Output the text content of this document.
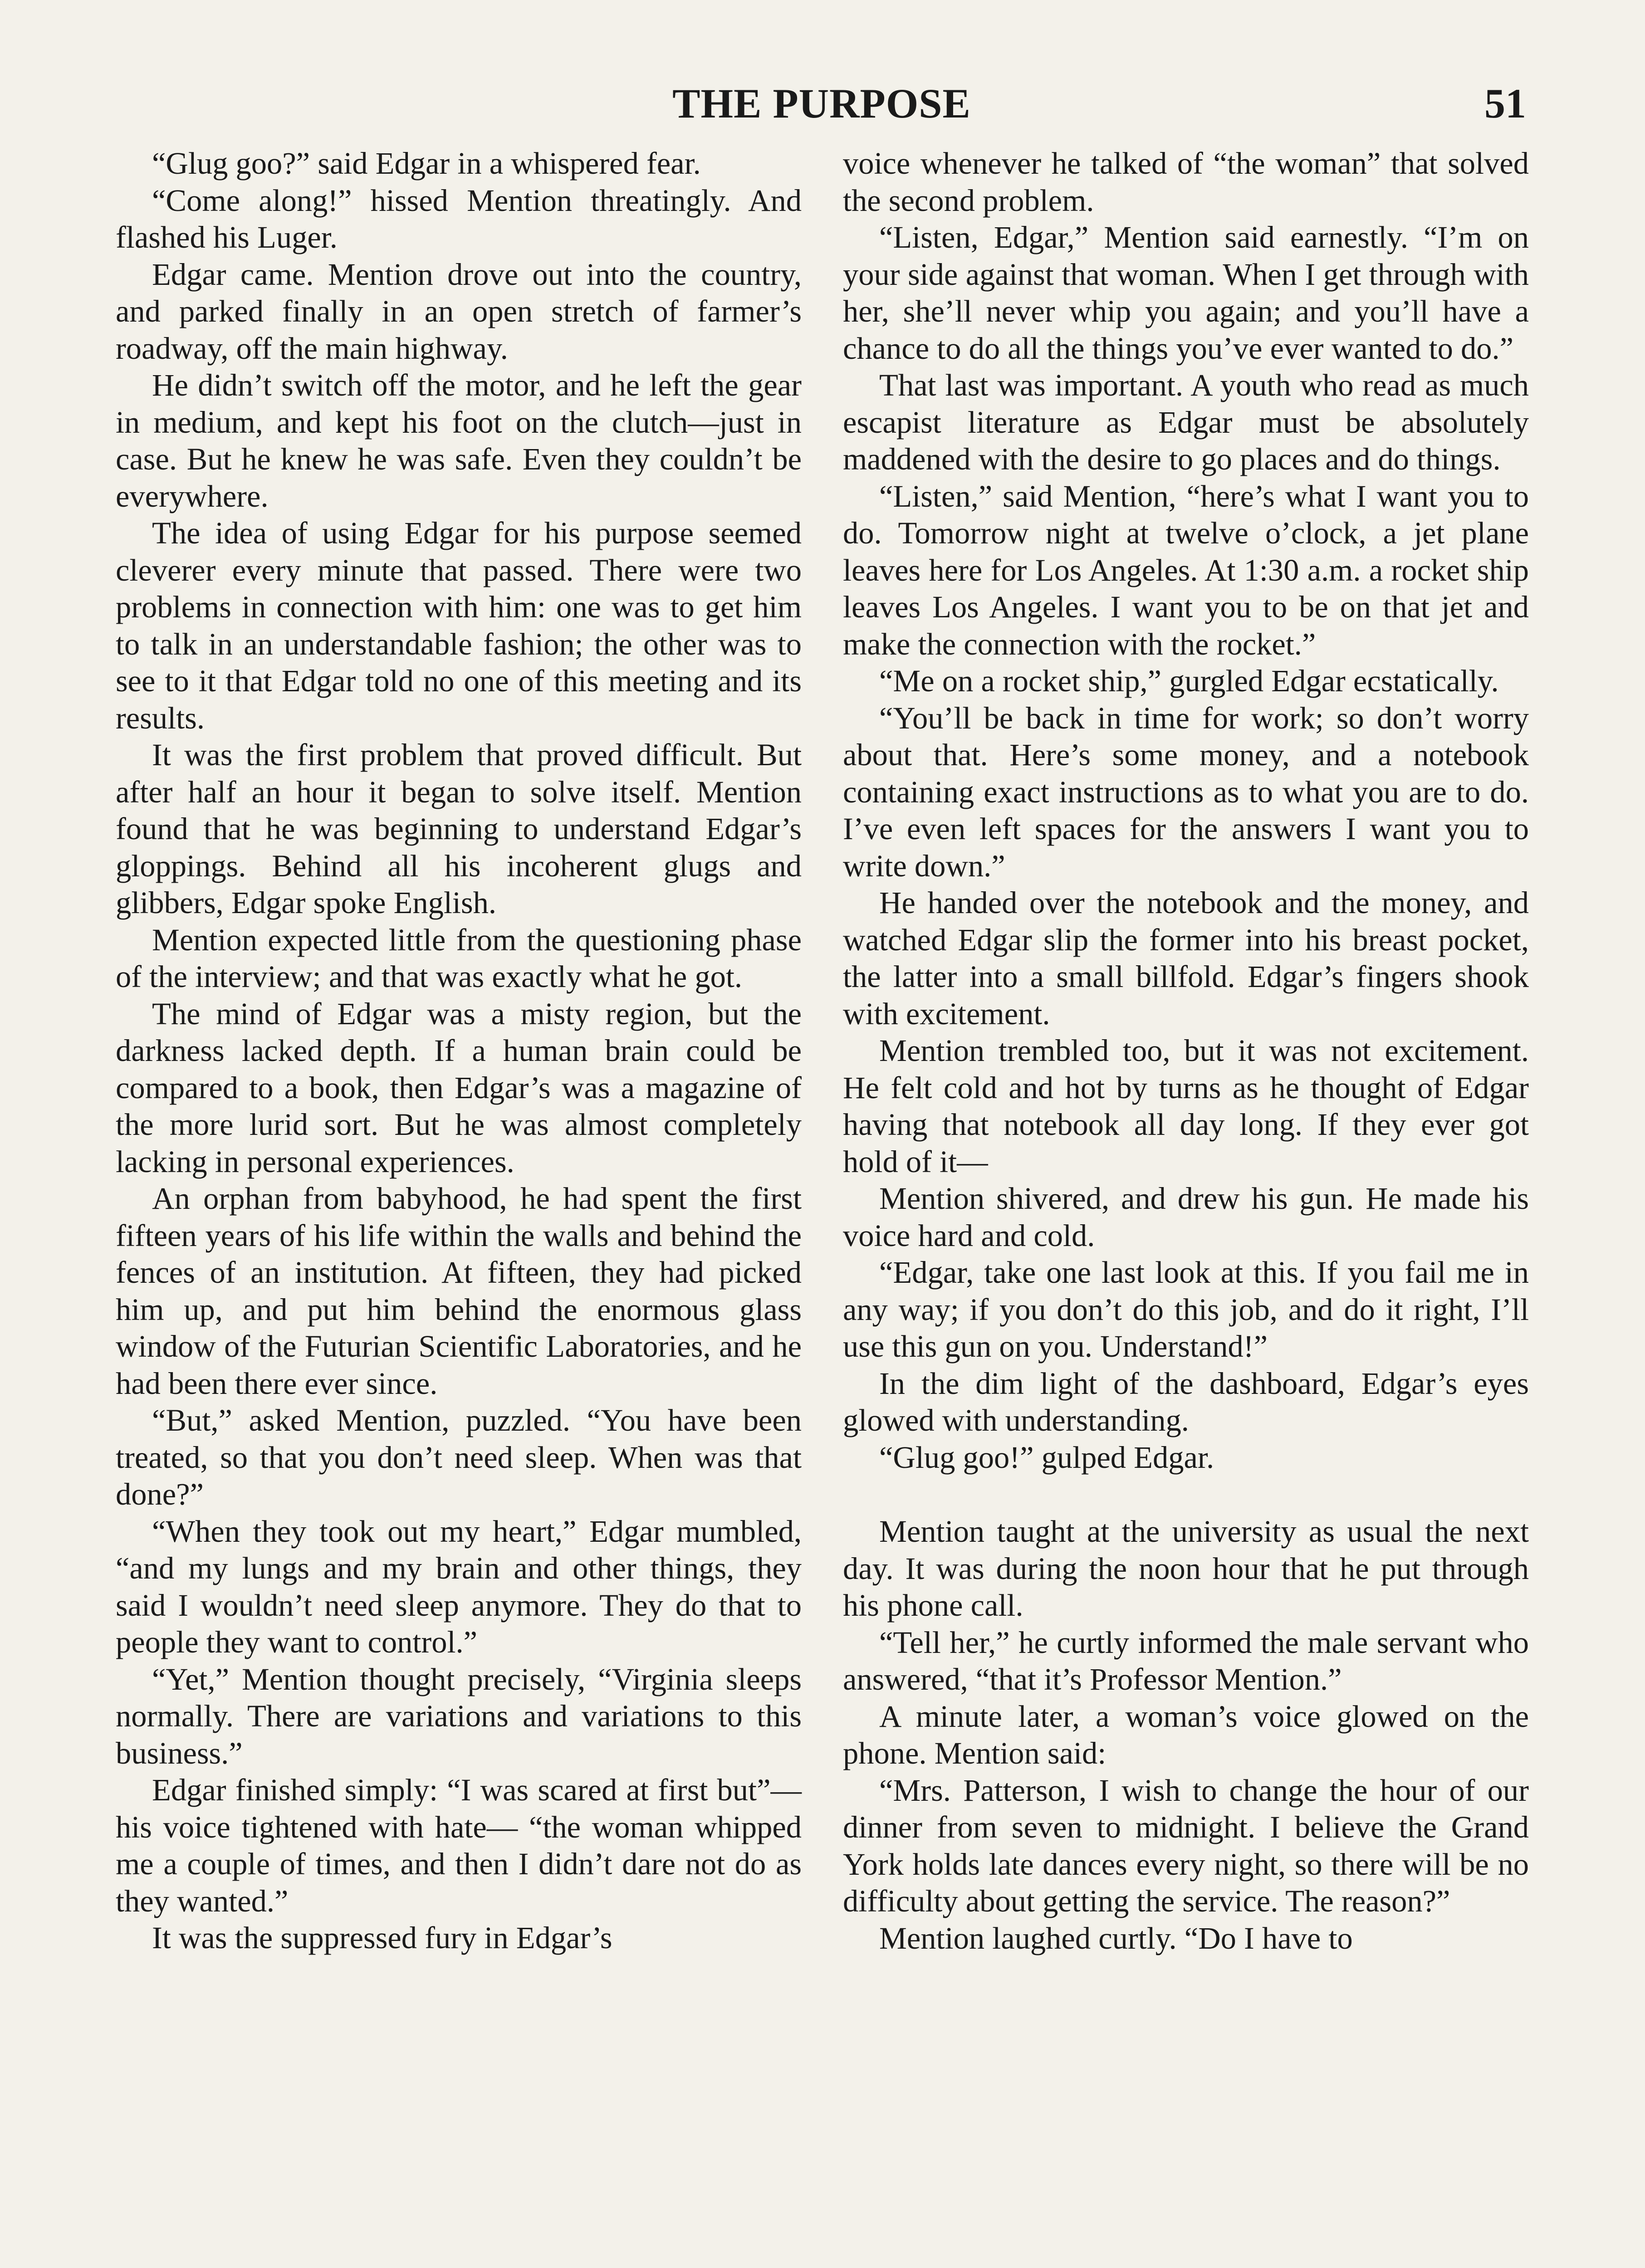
THE PURPOSE	51

“Glug goo?” said Edgar in a whispered fear.

“Come along!” hissed Mention threatingly. And flashed his Luger.

Edgar came. Mention drove out into the country, and parked finally in an open stretch of farmer’s roadway, off the main highway.

He didn’t switch off the motor, and he left the gear in medium, and kept his foot on the clutch—just in case. But he knew he was safe. Even they couldn’t be everywhere.

The idea of using Edgar for his purpose seemed cleverer every minute that passed. There were two problems in connection with him: one was to get him to talk in an understandable fashion; the other was to see to it that Edgar told no one of this meeting and its results.

It was the first problem that proved difficult. But after half an hour it began to solve itself. Mention found that he was beginning to understand Edgar’s gloppings. Behind all his incoherent glugs and glibbers, Edgar spoke English.

Mention expected little from the questioning phase of the interview; and that was exactly what he got.

The mind of Edgar was a misty region, but the darkness lacked depth. If a human brain could be compared to a book, then Edgar’s was a magazine of the more lurid sort. But he was almost completely lacking in personal experiences.

An orphan from babyhood, he had spent the first fifteen years of his life within the walls and behind the fences of an institution. At fifteen, they had picked him up, and put him behind the enormous glass window of the Futurian Scientific Laboratories, and he had been there ever since.

“But,” asked Mention, puzzled. “You have been treated, so that you don’t need sleep. When was that done?”

“When they took out my heart,” Edgar mumbled, “and my lungs and my brain and other things, they said I wouldn’t need sleep anymore. They do that to people they want to control.”

“Yet,” Mention thought precisely, “Virginia sleeps normally. There are variations and variations to this business.”

Edgar finished simply: “I was scared at first but”—his voice tightened with hate— “the woman whipped me a couple of times, and then I didn’t dare not do as they wanted.”

It was the suppressed fury in Edgar’s

voice whenever he talked of “the woman” that solved the second problem.

“Listen, Edgar,” Mention said earnestly. “I’m on your side against that woman. When I get through with her, she’ll never whip you again; and you’ll have a chance to do all the things you’ve ever wanted to do.”

That last was important. A youth who read as much escapist literature as Edgar must be absolutely maddened with the desire to go places and do things.

“Listen,” said Mention, “here’s what I want you to do. Tomorrow night at twelve o’clock, a jet plane leaves here for Los Angeles. At 1:30 a.m. a rocket ship leaves Los Angeles. I want you to be on that jet and make the connection with the rocket.”

“Me on a rocket ship,” gurgled Edgar ecstatically.

“You’ll be back in time for work; so don’t worry about that. Here’s some money, and a notebook containing exact instructions as to what you are to do. I’ve even left spaces for the answers I want you to write down.”

He handed over the notebook and the money, and watched Edgar slip the former into his breast pocket, the latter into a small billfold. Edgar’s fingers shook with excitement.

Mention trembled too, but it was not excitement. He felt cold and hot by turns as he thought of Edgar having that notebook all day long. If they ever got hold of it—

Mention shivered, and drew his gun. He made his voice hard and cold.

“Edgar, take one last look at this. If you fail me in any way; if you don’t do this job, and do it right, I’ll use this gun on you. Understand!”

In the dim light of the dashboard, Edgar’s eyes glowed with understanding.

“Glug goo!” gulped Edgar.

Mention taught at the university as usual the next day. It was during the noon hour that he put through his phone call.

“Tell her,” he curtly informed the male servant who answered, “that it’s Professor Mention.”

A minute later, a woman’s voice glowed on the phone. Mention said:

“Mrs. Patterson, I wish to change the hour of our dinner from seven to midnight. I believe the Grand York holds late dances every night, so there will be no difficulty about getting the service. The reason?”

Mention laughed curtly. “Do I have to
